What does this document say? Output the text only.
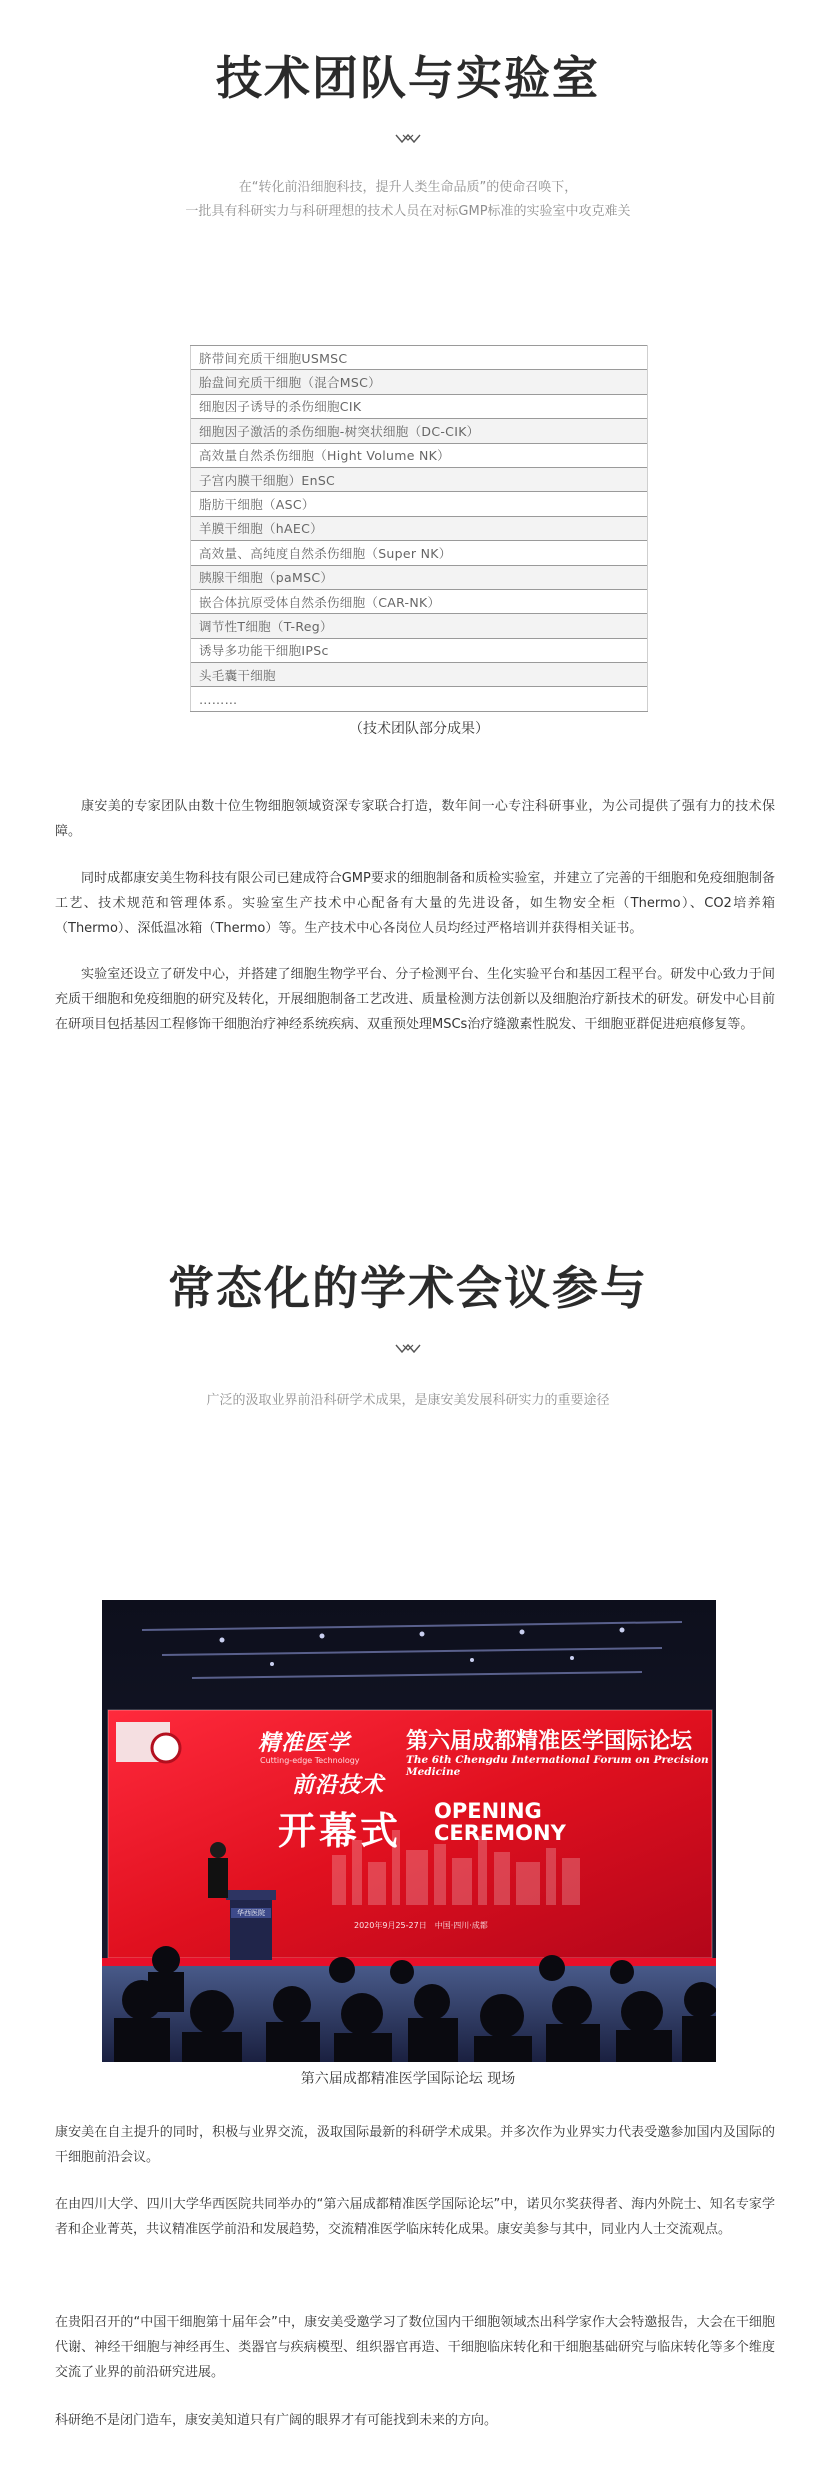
技术团队与实验室
在“转化前沿细胞科技，提升人类生命品质”的使命召唤下，
一批具有科研实力与科研理想的技术人员在对标GMP标准的实验室中攻克难关
脐带间充质干细胞USMSC
胎盘间充质干细胞（混合MSC）
细胞因子诱导的杀伤细胞CIK
细胞因子激活的杀伤细胞-树突状细胞（DC-CIK）
高效量自然杀伤细胞（Hight Volume NK）
子宫内膜干细胞）EnSC
脂肪干细胞（ASC）
羊膜干细胞（hAEC）
高效量、高纯度自然杀伤细胞（Super NK）
胰腺干细胞（paMSC）
嵌合体抗原受体自然杀伤细胞（CAR-NK）
调节性T细胞（T-Reg）
诱导多功能干细胞IPSc
头毛囊干细胞
………
（技术团队部分成果）

康安美的专家团队由数十位生物细胞领域资深专家联合打造，数年间一心专注科研事业，为公司提供了强有力的技术保障。

同时成都康安美生物科技有限公司已建成符合GMP要求的细胞制备和质检实验室，并建立了完善的干细胞和免疫细胞制备工艺、技术规范和管理体系。实验室生产技术中心配备有大量的先进设备，如生物安全柜（Thermo）、CO2培养箱（Thermo）、深低温冰箱（Thermo）等。生产技术中心各岗位人员均经过严格培训并获得相关证书。

实验室还设立了研发中心，并搭建了细胞生物学平台、分子检测平台、生化实验平台和基因工程平台。研发中心致力于间充质干细胞和免疫细胞的研究及转化，开展细胞制备工艺改进、质量检测方法创新以及细胞治疗新技术的研发。研发中心目前在研项目包括基因工程修饰干细胞治疗神经系统疾病、双重预处理MSCs治疗缝激素性脱发、干细胞亚群促进疤痕修复等。

常态化的学术会议参与
广泛的汲取业界前沿科研学术成果，是康安美发展科研实力的重要途径
精准医学
Cutting-edge Technology
前沿技术
第六届成都精准医学国际论坛
The 6th Chengdu International Forum on Precision Medicine
开幕式 OPENING
CEREMONY
2020年9月25-27日　中国·四川·成都
华西医院
第六届成都精准医学国际论坛 现场

康安美在自主提升的同时，积极与业界交流，汲取国际最新的科研学术成果。并多次作为业界实力代表受邀参加国内及国际的干细胞前沿会议。

在由四川大学、四川大学华西医院共同举办的“第六届成都精准医学国际论坛”中，诺贝尔奖获得者、海内外院士、知名专家学者和企业菁英，共议精准医学前沿和发展趋势，交流精准医学临床转化成果。康安美参与其中，同业内人士交流观点。

在贵阳召开的“中国干细胞第十届年会”中，康安美受邀学习了数位国内干细胞领域杰出科学家作大会特邀报告，大会在干细胞代谢、神经干细胞与神经再生、类器官与疾病模型、组织器官再造、干细胞临床转化和干细胞基础研究与临床转化等多个维度交流了业界的前沿研究进展。

科研绝不是闭门造车，康安美知道只有广阔的眼界才有可能找到未来的方向。
